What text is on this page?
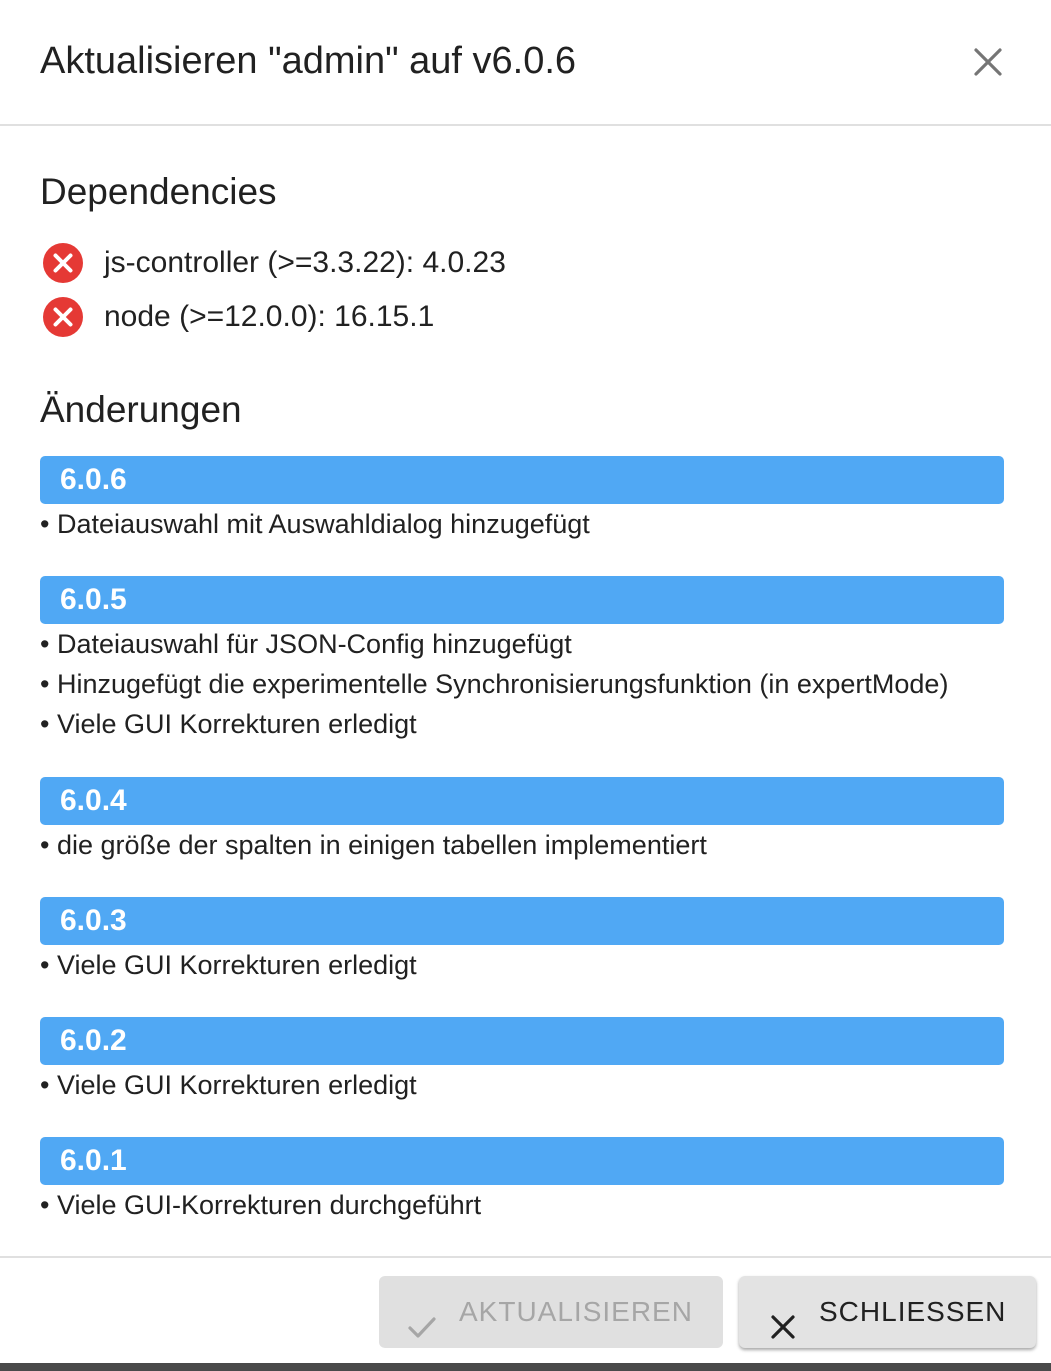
Aktualisieren "admin" auf v6.0.6
Dependencies
js-controller (>=3.3.22): 4.0.23
node (>=12.0.0): 16.15.1
Änderungen
6.0.6
• Dateiauswahl mit Auswahldialog hinzugefügt
6.0.5
• Dateiauswahl für JSON-Config hinzugefügt
• Hinzugefügt die experimentelle Synchronisierungsfunktion (in expertMode)
• Viele GUI Korrekturen erledigt
6.0.4
• die größe der spalten in einigen tabellen implementiert
6.0.3
• Viele GUI Korrekturen erledigt
6.0.2
• Viele GUI Korrekturen erledigt
6.0.1
• Viele GUI-Korrekturen durchgeführt
AKTUALISIEREN	SCHLIESSEN
